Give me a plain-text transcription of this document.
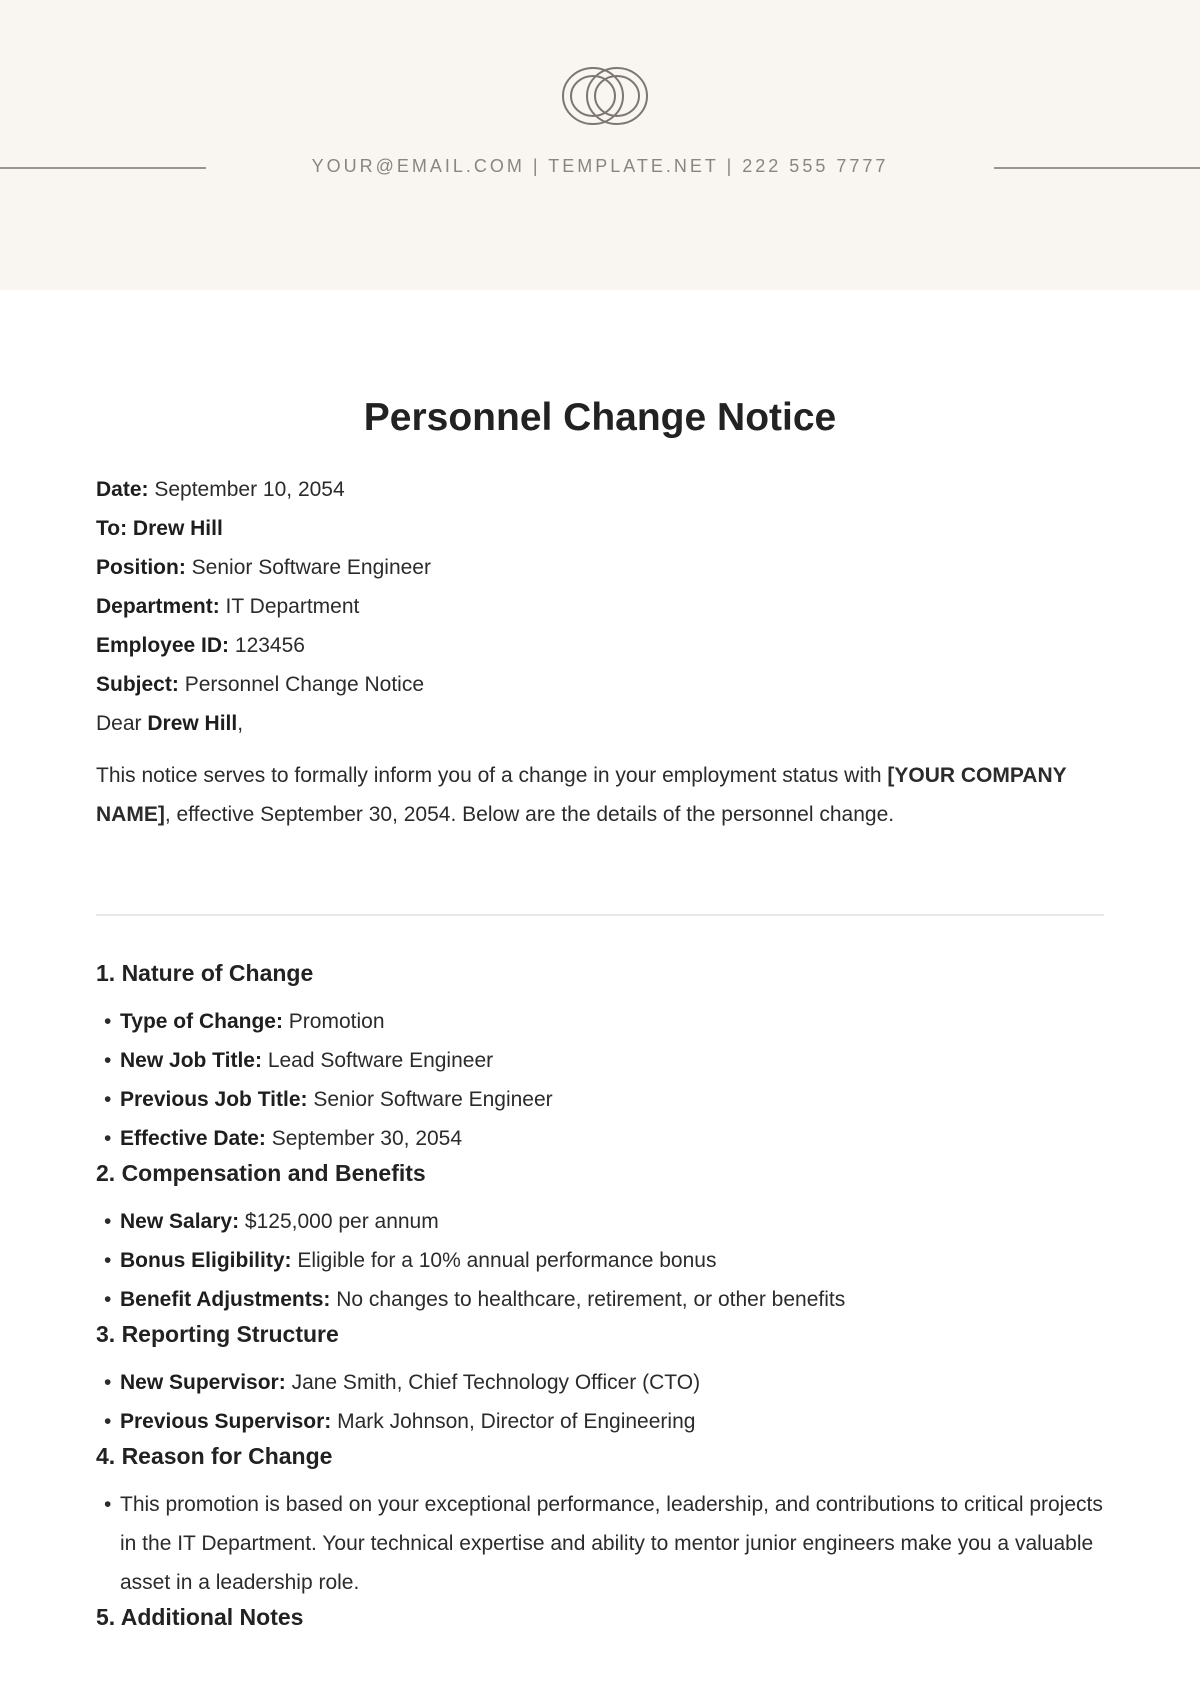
YOUR@EMAIL.COM | TEMPLATE.NET | 222 555 7777
Personnel Change Notice
Date: September 10, 2054
To: Drew Hill
Position: Senior Software Engineer
Department: IT Department
Employee ID: 123456
Subject: Personnel Change Notice
Dear Drew Hill,
This notice serves to formally inform you of a change in your employment status with [YOUR COMPANY NAME], effective September 30, 2054. Below are the details of the personnel change.
1. Nature of Change
• Type of Change: Promotion
• New Job Title: Lead Software Engineer
• Previous Job Title: Senior Software Engineer
• Effective Date: September 30, 2054
2. Compensation and Benefits
• New Salary: $125,000 per annum
• Bonus Eligibility: Eligible for a 10% annual performance bonus
• Benefit Adjustments: No changes to healthcare, retirement, or other benefits
3. Reporting Structure
• New Supervisor: Jane Smith, Chief Technology Officer (CTO)
• Previous Supervisor: Mark Johnson, Director of Engineering
4. Reason for Change
• This promotion is based on your exceptional performance, leadership, and contributions to critical projects in the IT Department. Your technical expertise and ability to mentor junior engineers make you a valuable asset in a leadership role.
5. Additional Notes
